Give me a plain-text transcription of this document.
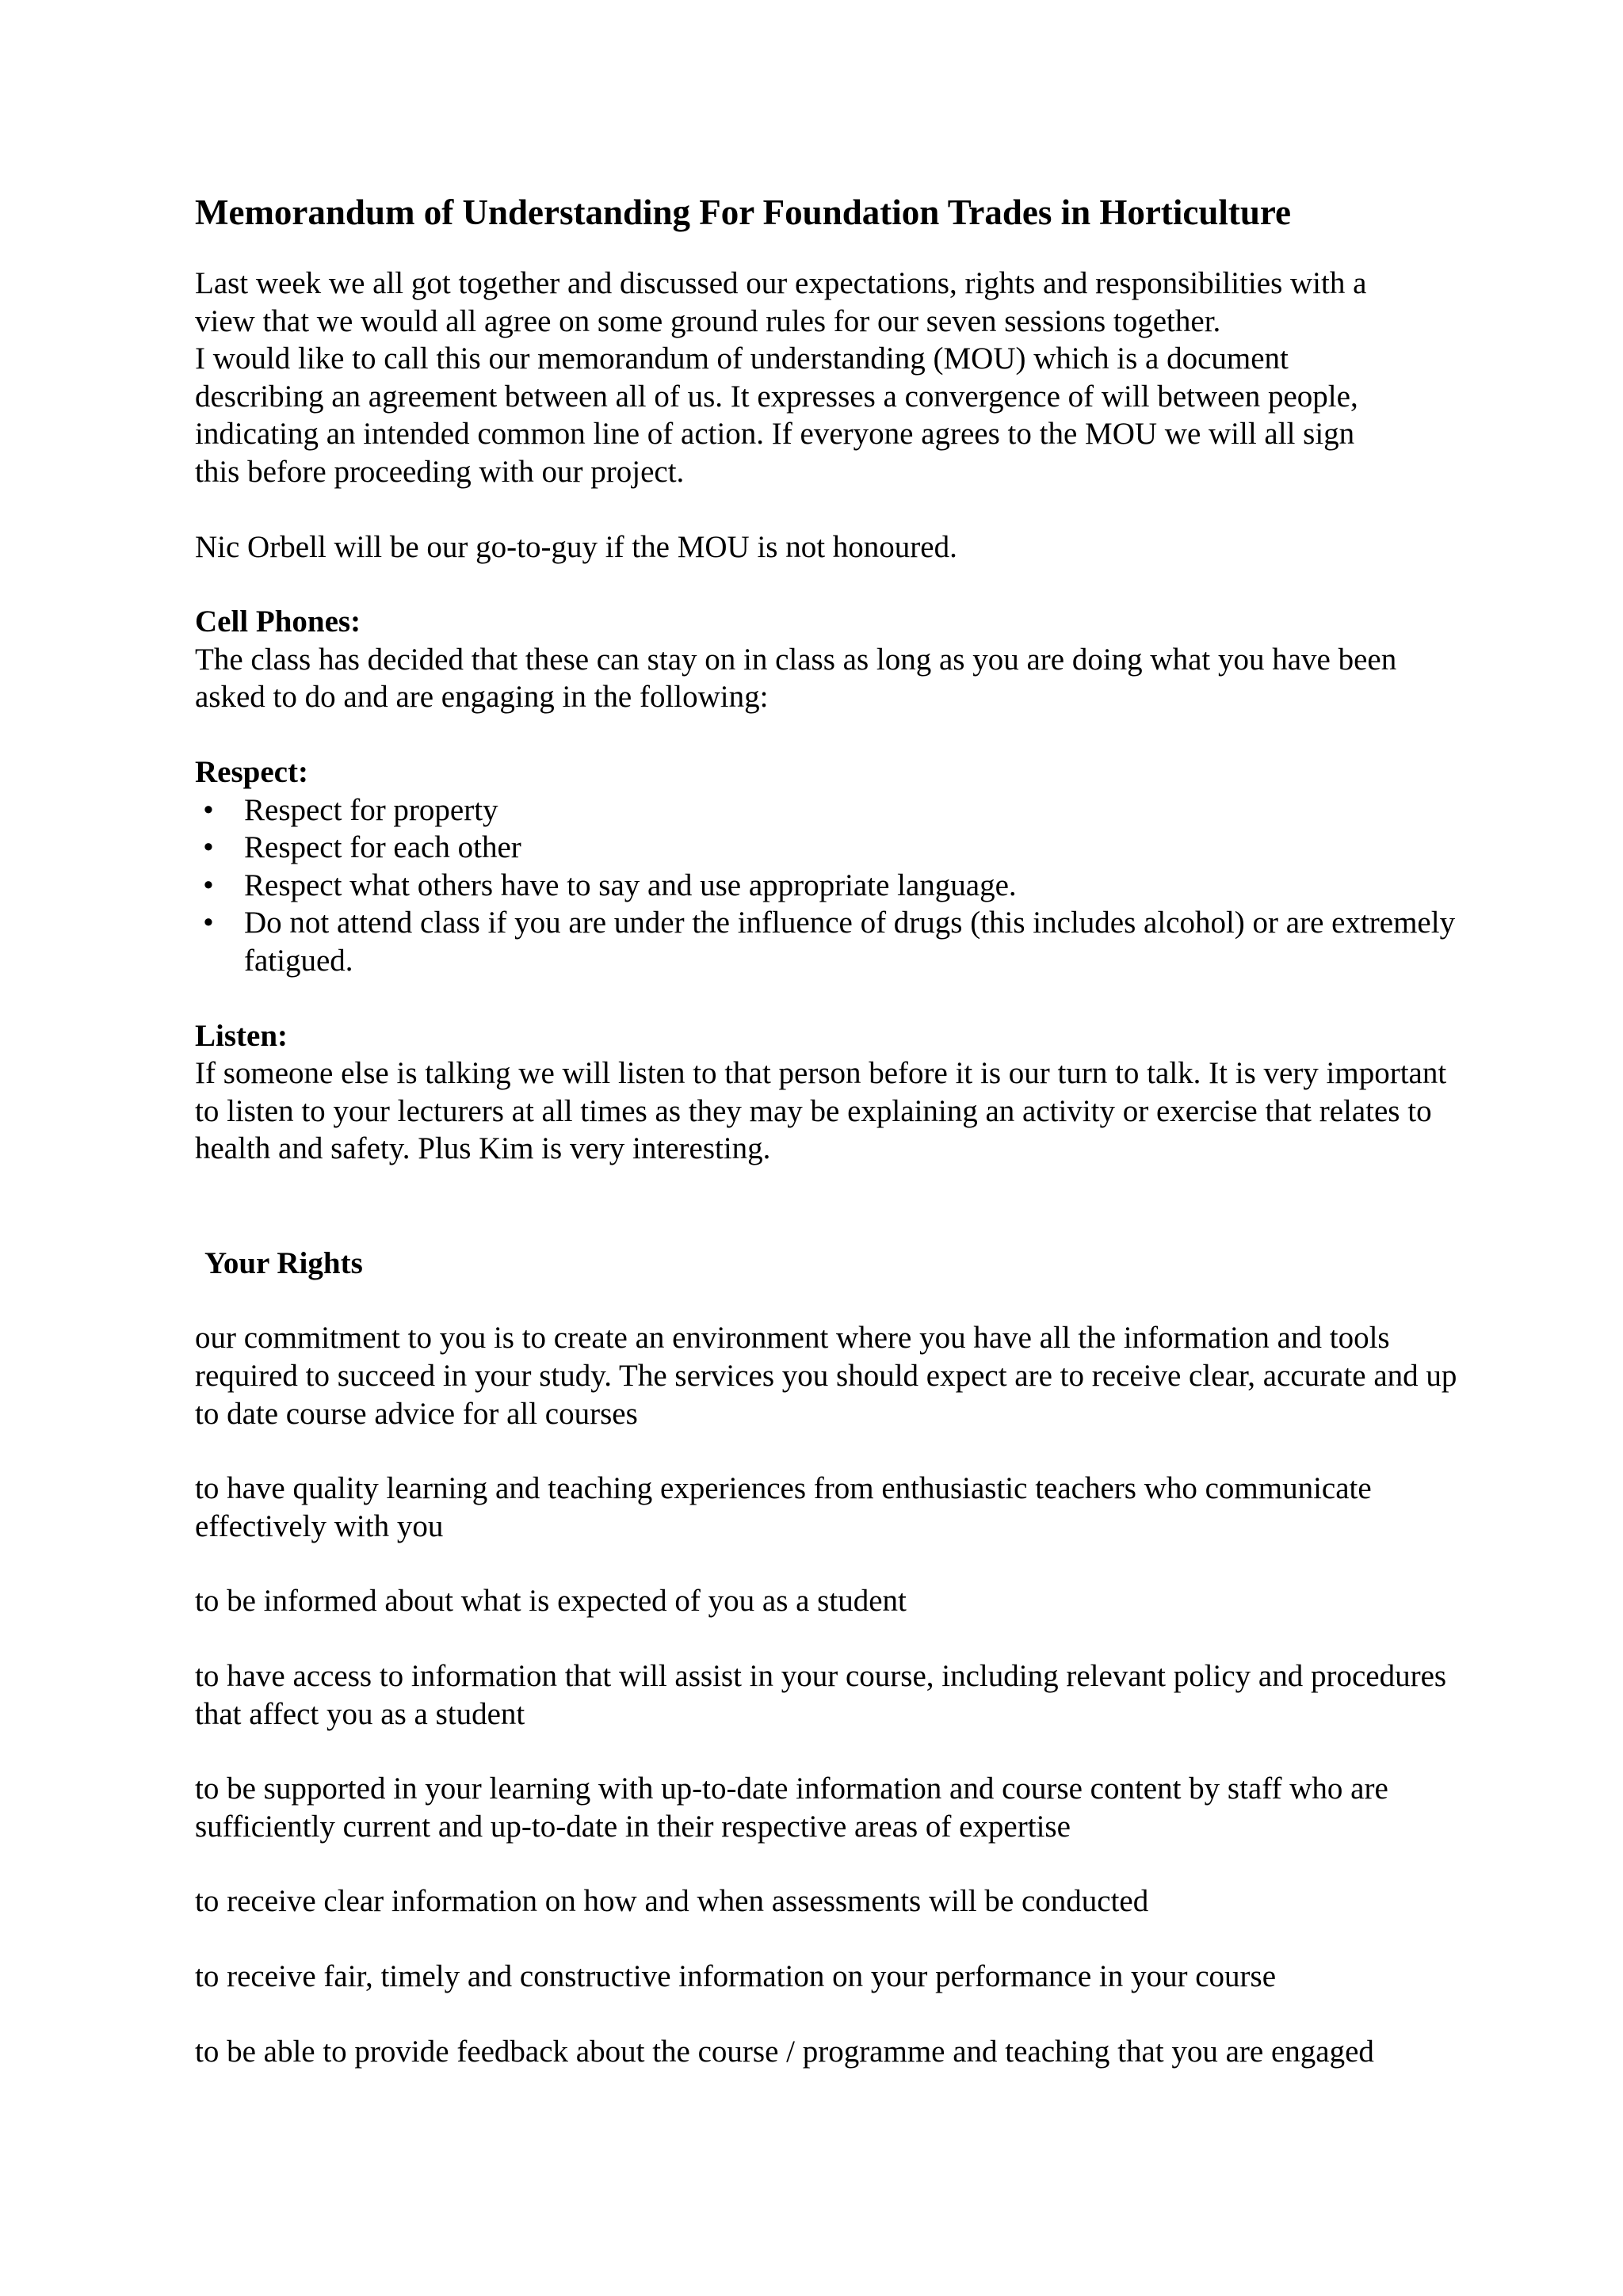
Memorandum of Understanding For Foundation Trades in Horticulture
Last week we all got together and discussed our expectations, rights and responsibilities with a
view that we would all agree on some ground rules for our seven sessions together.
I would like to call this our memorandum of understanding (MOU) which is a document
describing an agreement between all of us. It expresses a convergence of will between people,
indicating an intended common line of action. If everyone agrees to the MOU we will all sign
this before proceeding with our project.
Nic Orbell will be our go-to-guy if the MOU is not honoured.
Cell Phones:
The class has decided that these can stay on in class as long as you are doing what you have been asked to do and are engaging in the following:
Respect:
• Respect for property
• Respect for each other
• Respect what others have to say and use appropriate language.
• Do not attend class if you are under the influence of drugs (this includes alcohol) or are extremely fatigued.
Listen:
If someone else is talking we will listen to that person before it is our turn to talk. It is very important to listen to your lecturers at all times as they may be explaining an activity or exercise that relates to health and safety. Plus Kim is very interesting.
Your Rights
our commitment to you is to create an environment where you have all the information and tools required to succeed in your study. The services you should expect are to receive clear, accurate and up to date course advice for all courses
to have quality learning and teaching experiences from enthusiastic teachers who communicate effectively with you
to be informed about what is expected of you as a student
to have access to information that will assist in your course, including relevant policy and procedures that affect you as a student
to be supported in your learning with up-to-date information and course content by staff who are sufficiently current and up-to-date in their respective areas of expertise
to receive clear information on how and when assessments will be conducted
to receive fair, timely and constructive information on your performance in your course
to be able to provide feedback about the course / programme and teaching that you are engaged
